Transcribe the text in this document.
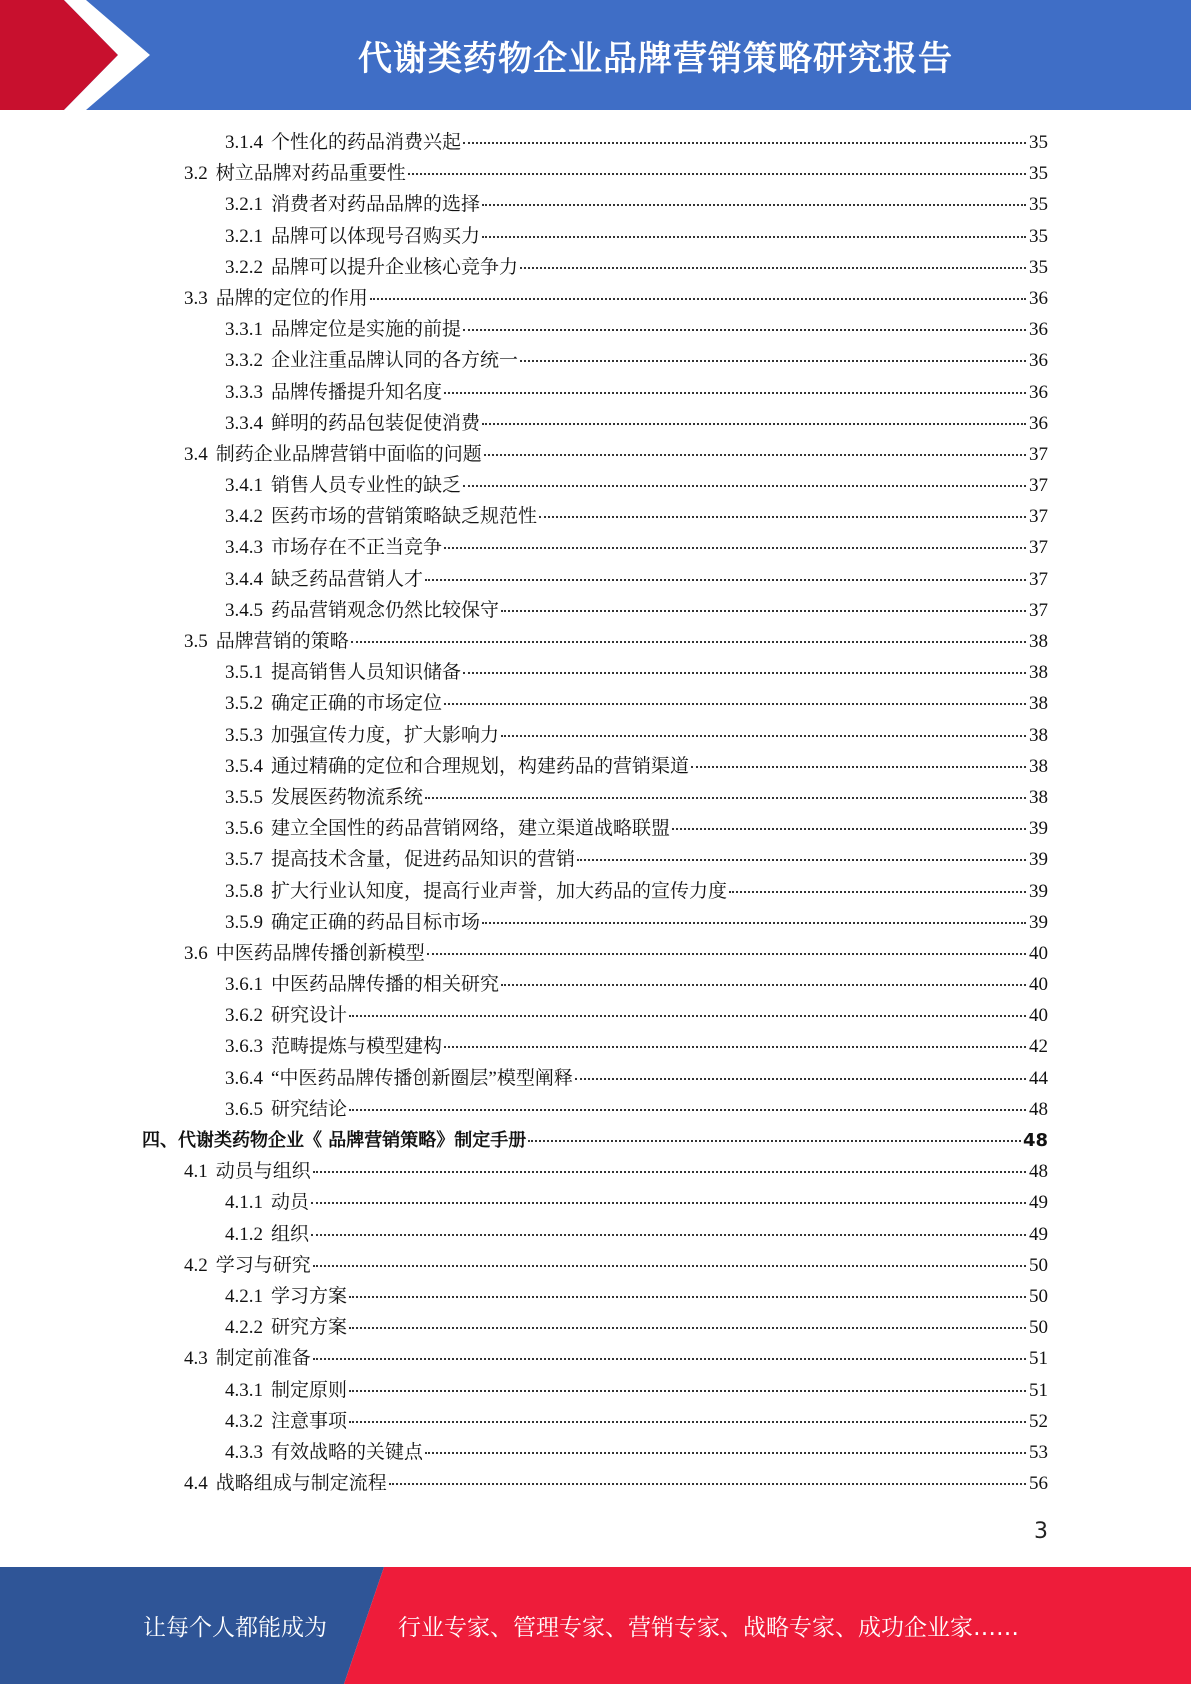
代谢类药物企业品牌营销策略研究报告
3.1.4 个性化的药品消费兴起	35
3.2 树立品牌对药品重要性	35
3.2.1 消费者对药品品牌的选择	35
3.2.1 品牌可以体现号召购买力	35
3.2.2 品牌可以提升企业核心竞争力	35
3.3 品牌的定位的作用	36
3.3.1 品牌定位是实施的前提	36
3.3.2 企业注重品牌认同的各方统一	36
3.3.3 品牌传播提升知名度	36
3.3.4 鲜明的药品包装促使消费	36
3.4 制药企业品牌营销中面临的问题	37
3.4.1 销售人员专业性的缺乏	37
3.4.2 医药市场的营销策略缺乏规范性	37
3.4.3 市场存在不正当竞争	37
3.4.4 缺乏药品营销人才	37
3.4.5 药品营销观念仍然比较保守	37
3.5 品牌营销的策略	38
3.5.1 提高销售人员知识储备	38
3.5.2 确定正确的市场定位	38
3.5.3 加强宣传力度，扩大影响力	38
3.5.4 通过精确的定位和合理规划，构建药品的营销渠道	38
3.5.5 发展医药物流系统	38
3.5.6 建立全国性的药品营销网络，建立渠道战略联盟	39
3.5.7 提高技术含量，促进药品知识的营销	39
3.5.8 扩大行业认知度，提高行业声誉，加大药品的宣传力度	39
3.5.9 确定正确的药品目标市场	39
3.6 中医药品牌传播创新模型	40
3.6.1 中医药品牌传播的相关研究	40
3.6.2 研究设计	40
3.6.3 范畴提炼与模型建构	42
3.6.4 “中医药品牌传播创新圈层”模型阐释	44
3.6.5 研究结论	48
四、 代谢类药物企业《 品牌营销策略》制定手册	48
4.1 动员与组织	48
4.1.1 动员	49
4.1.2 组织	49
4.2 学习与研究	50
4.2.1 学习方案	50
4.2.2 研究方案	50
4.3 制定前准备	51
4.3.1 制定原则	51
4.3.2 注意事项	52
4.3.3 有效战略的关键点	53
4.4 战略组成与制定流程	56
3
让每个人都能成为	行业专家、管理专家、营销专家、战略专家、成功企业家……
